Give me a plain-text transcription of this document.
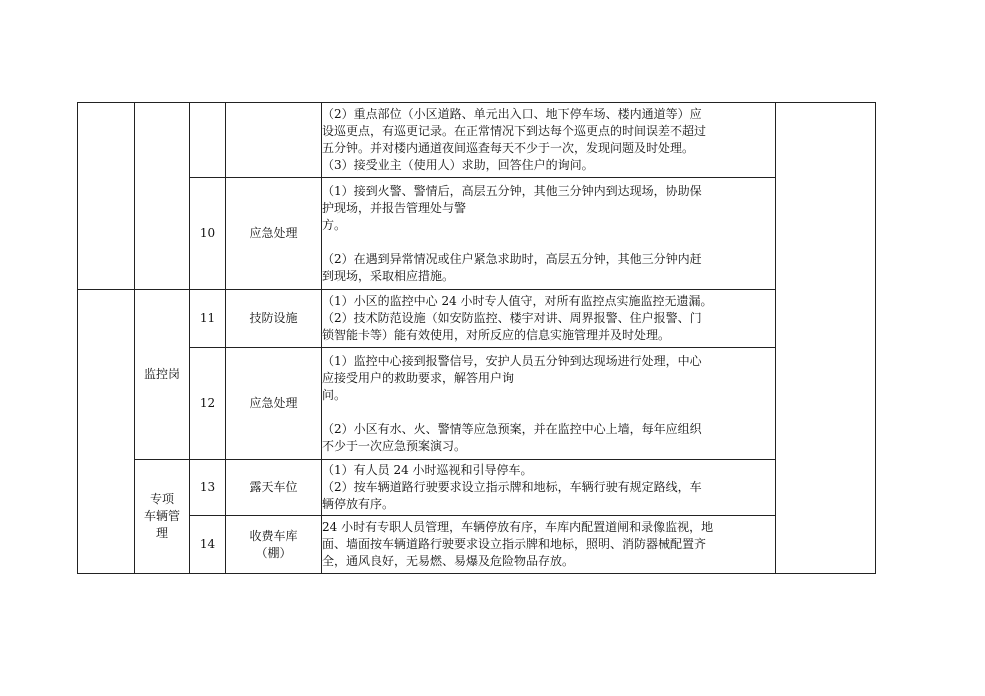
				（2）重点部位（小区道路、单元出入口、地下停车场、楼内通道等）应
设巡更点，有巡更记录。在正常情况下到达每个巡更点的时间误差不超过
五分钟。并对楼内通道夜间巡查每天不少于一次，发现问题及时处理。
（3）接受业主（使用人）求助，回答住户的询问。	

		10	应急处理	（1）接到火警、警情后，高层五分钟，其他三分钟内到达现场，协助保
护现场，并报告管理处与警
方。
（2）在遇到异常情况或住户紧急求助时，高层五分钟，其他三分钟内赶
到现场，采取相应措施。	

	监控岗	11	技防设施	（1）小区的监控中心 24 小时专人值守，对所有监控点实施监控无遗漏。
（2）技术防范设施（如安防监控、楼宇对讲、周界报警、住户报警、门
锁智能卡等）能有效使用，对所反应的信息实施管理并及时处理。	

		12	应急处理	（1）监控中心接到报警信号，安护人员五分钟到达现场进行处理，中心
应接受用户的救助要求，解答用户询
问。
（2）小区有水、火、警情等应急预案，并在监控中心上墙，每年应组织
不少于一次应急预案演习。	

	专项
车辆管
理	13	露天车位	（1）有人员 24 小时巡视和引导停车。
（2）按车辆道路行驶要求设立指示牌和地标，车辆行驶有规定路线，车
辆停放有序。	

		14	收费车库
（棚）	24 小时有专职人员管理，车辆停放有序，车库内配置道闸和录像监视，地
面、墙面按车辆道路行驶要求设立指示牌和地标，照明、消防器械配置齐
全，通风良好，无易燃、易爆及危险物品存放。	
